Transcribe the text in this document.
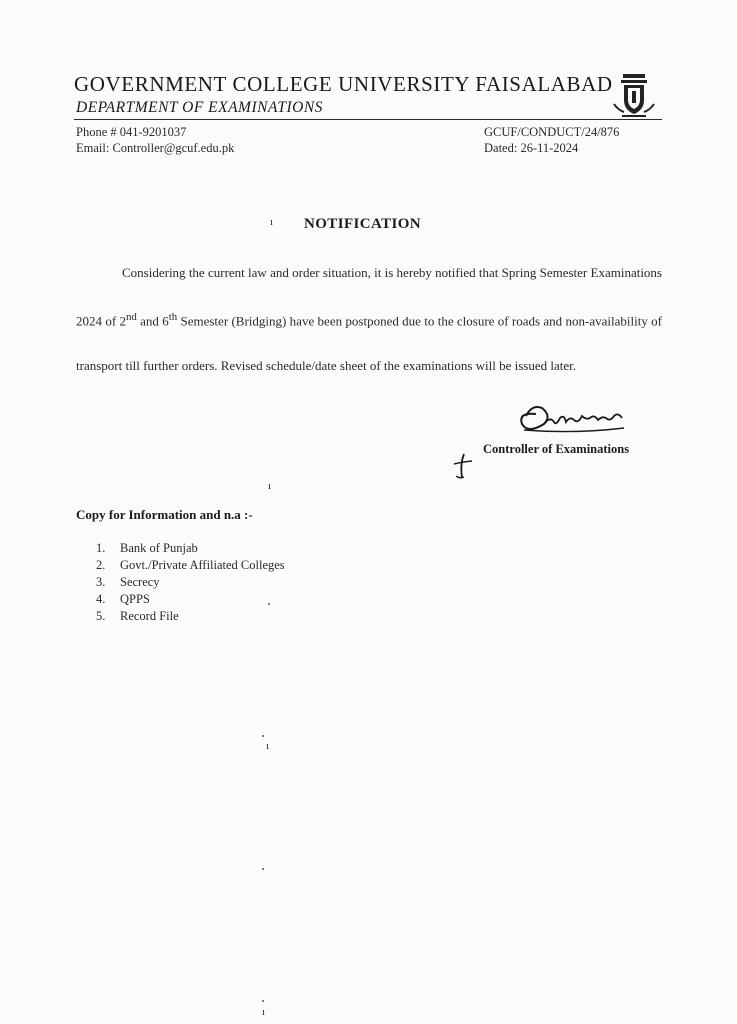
GOVERNMENT COLLEGE UNIVERSITY FAISALABAD
DEPARTMENT OF EXAMINATIONS
Phone # 041-9201037
Email: Controller@gcuf.edu.pk
GCUF/CONDUCT/24/876
Dated: 26-11-2024
ı NOTIFICATION

Considering the current law and order situation, it is hereby notified that Spring Semester Examinations 2024 of 2nd and 6th Semester (Bridging) have been postponed due to the closure of roads and non-availability of transport till further orders. Revised schedule/date sheet of the examinations will be issued later.

Controller of Examinations
ı
Copy for Information and n.a :-
1. Bank of Punjab
2. Govt./Private Affiliated Colleges
3. Secrecy
4. QPPS
5. Record File
ı
ı
